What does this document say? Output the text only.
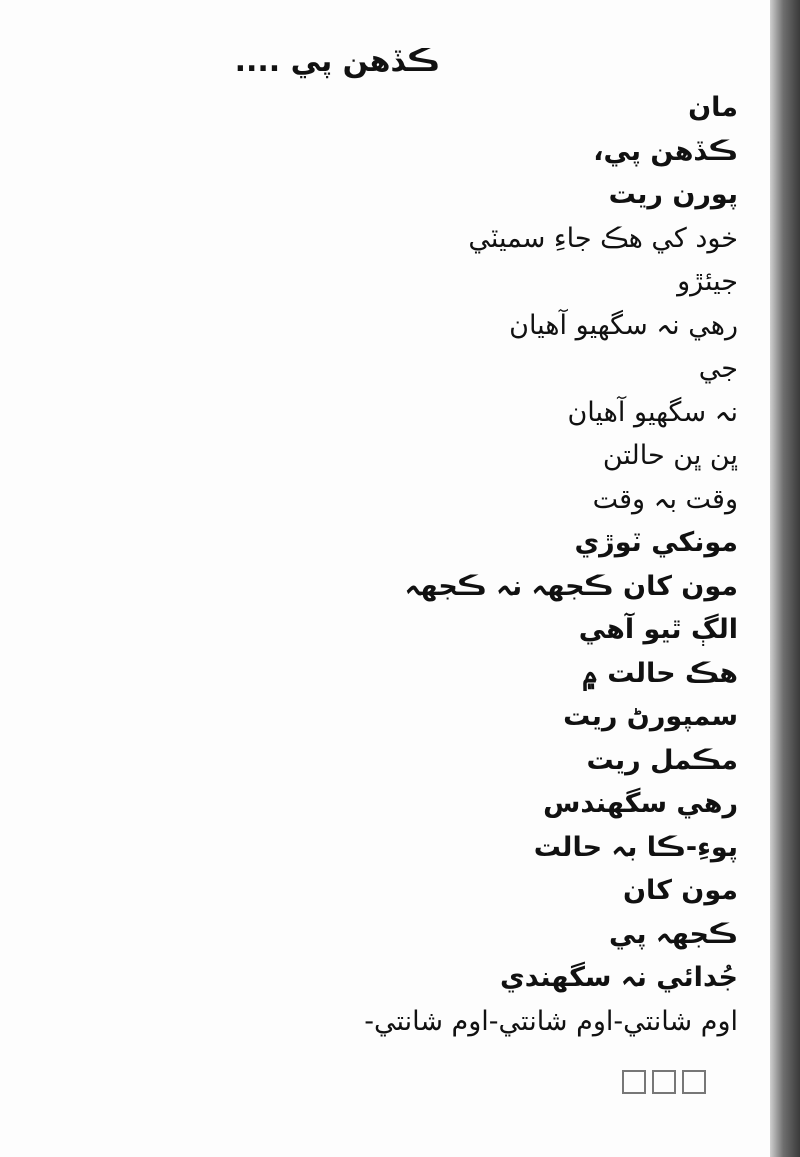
ڪڏهن پي ....
مان
ڪڏهن پي،
پورن ريت
خود کي هڪ جاءِ سميٽي
جيئڙو
رهي نہ سگهيو آهيان
جي
نہ سگهيو آهيان
ڀن ڀن حالتن
وقت بہ وقت
مونکي ٽوڙي
مون کان ڪجهہ نہ ڪجهہ
الڳ ٿيو آهي
هڪ حالت ۾
سمپورڻ ريت
مڪمل ريت
رهي سگهندس
پوءِ-ڪا بہ حالت
مون کان
ڪجهہ پي
جُدائي نہ سگهندي
اوم شانتي-اوم شانتي-اوم شانتي-
